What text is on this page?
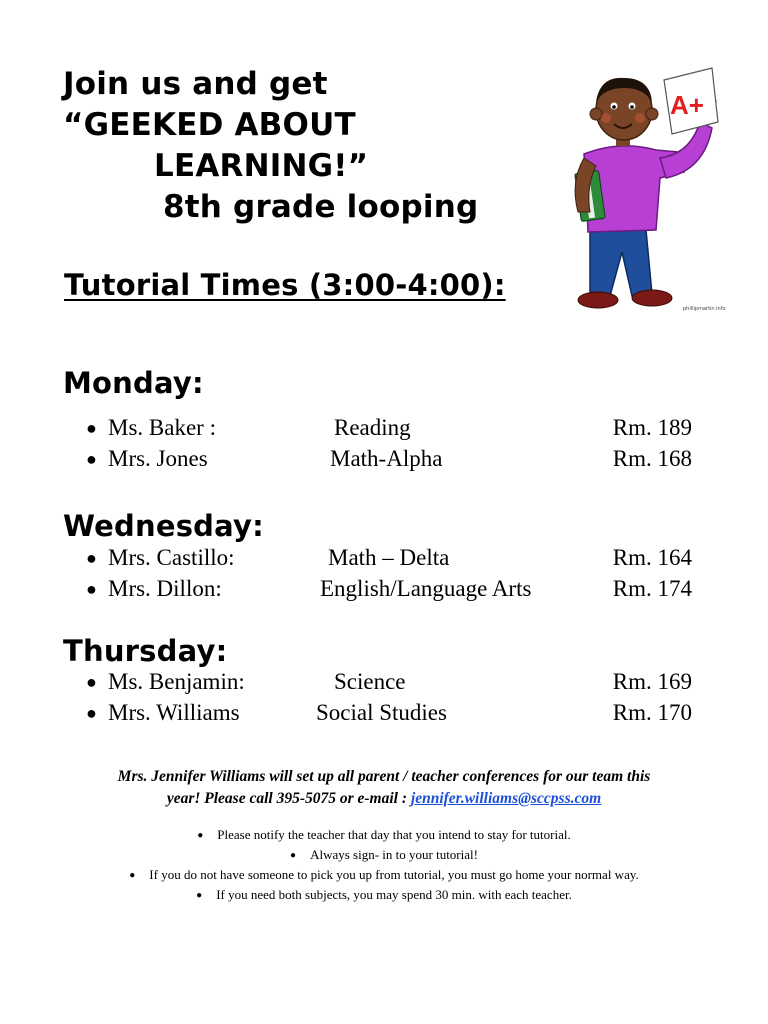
Join us and get
“GEEKED ABOUT
LEARNING!”
8th grade looping
Tutorial Times (3:00-4:00):
A+
phillipmartin.info
Monday:
● Ms. Baker :	Reading	Rm. 189
● Mrs. Jones	Math-Alpha	Rm. 168
Wednesday:
● Mrs. Castillo:	Math – Delta	Rm. 164
● Mrs. Dillon:	English/Language Arts	Rm. 174
Thursday:
● Ms. Benjamin:	Science	Rm. 169
● Mrs. Williams	Social Studies	Rm. 170
Mrs. Jennifer Williams will set up all parent / teacher conferences for our team this
year! Please call 395-5075 or e-mail : jennifer.williams@sccpss.com
● Please notify the teacher that day that you intend to stay for tutorial.
● Always sign- in to your tutorial!
● If you do not have someone to pick you up from tutorial, you must go home your normal way.
● If you need both subjects, you may spend 30 min. with each teacher.
